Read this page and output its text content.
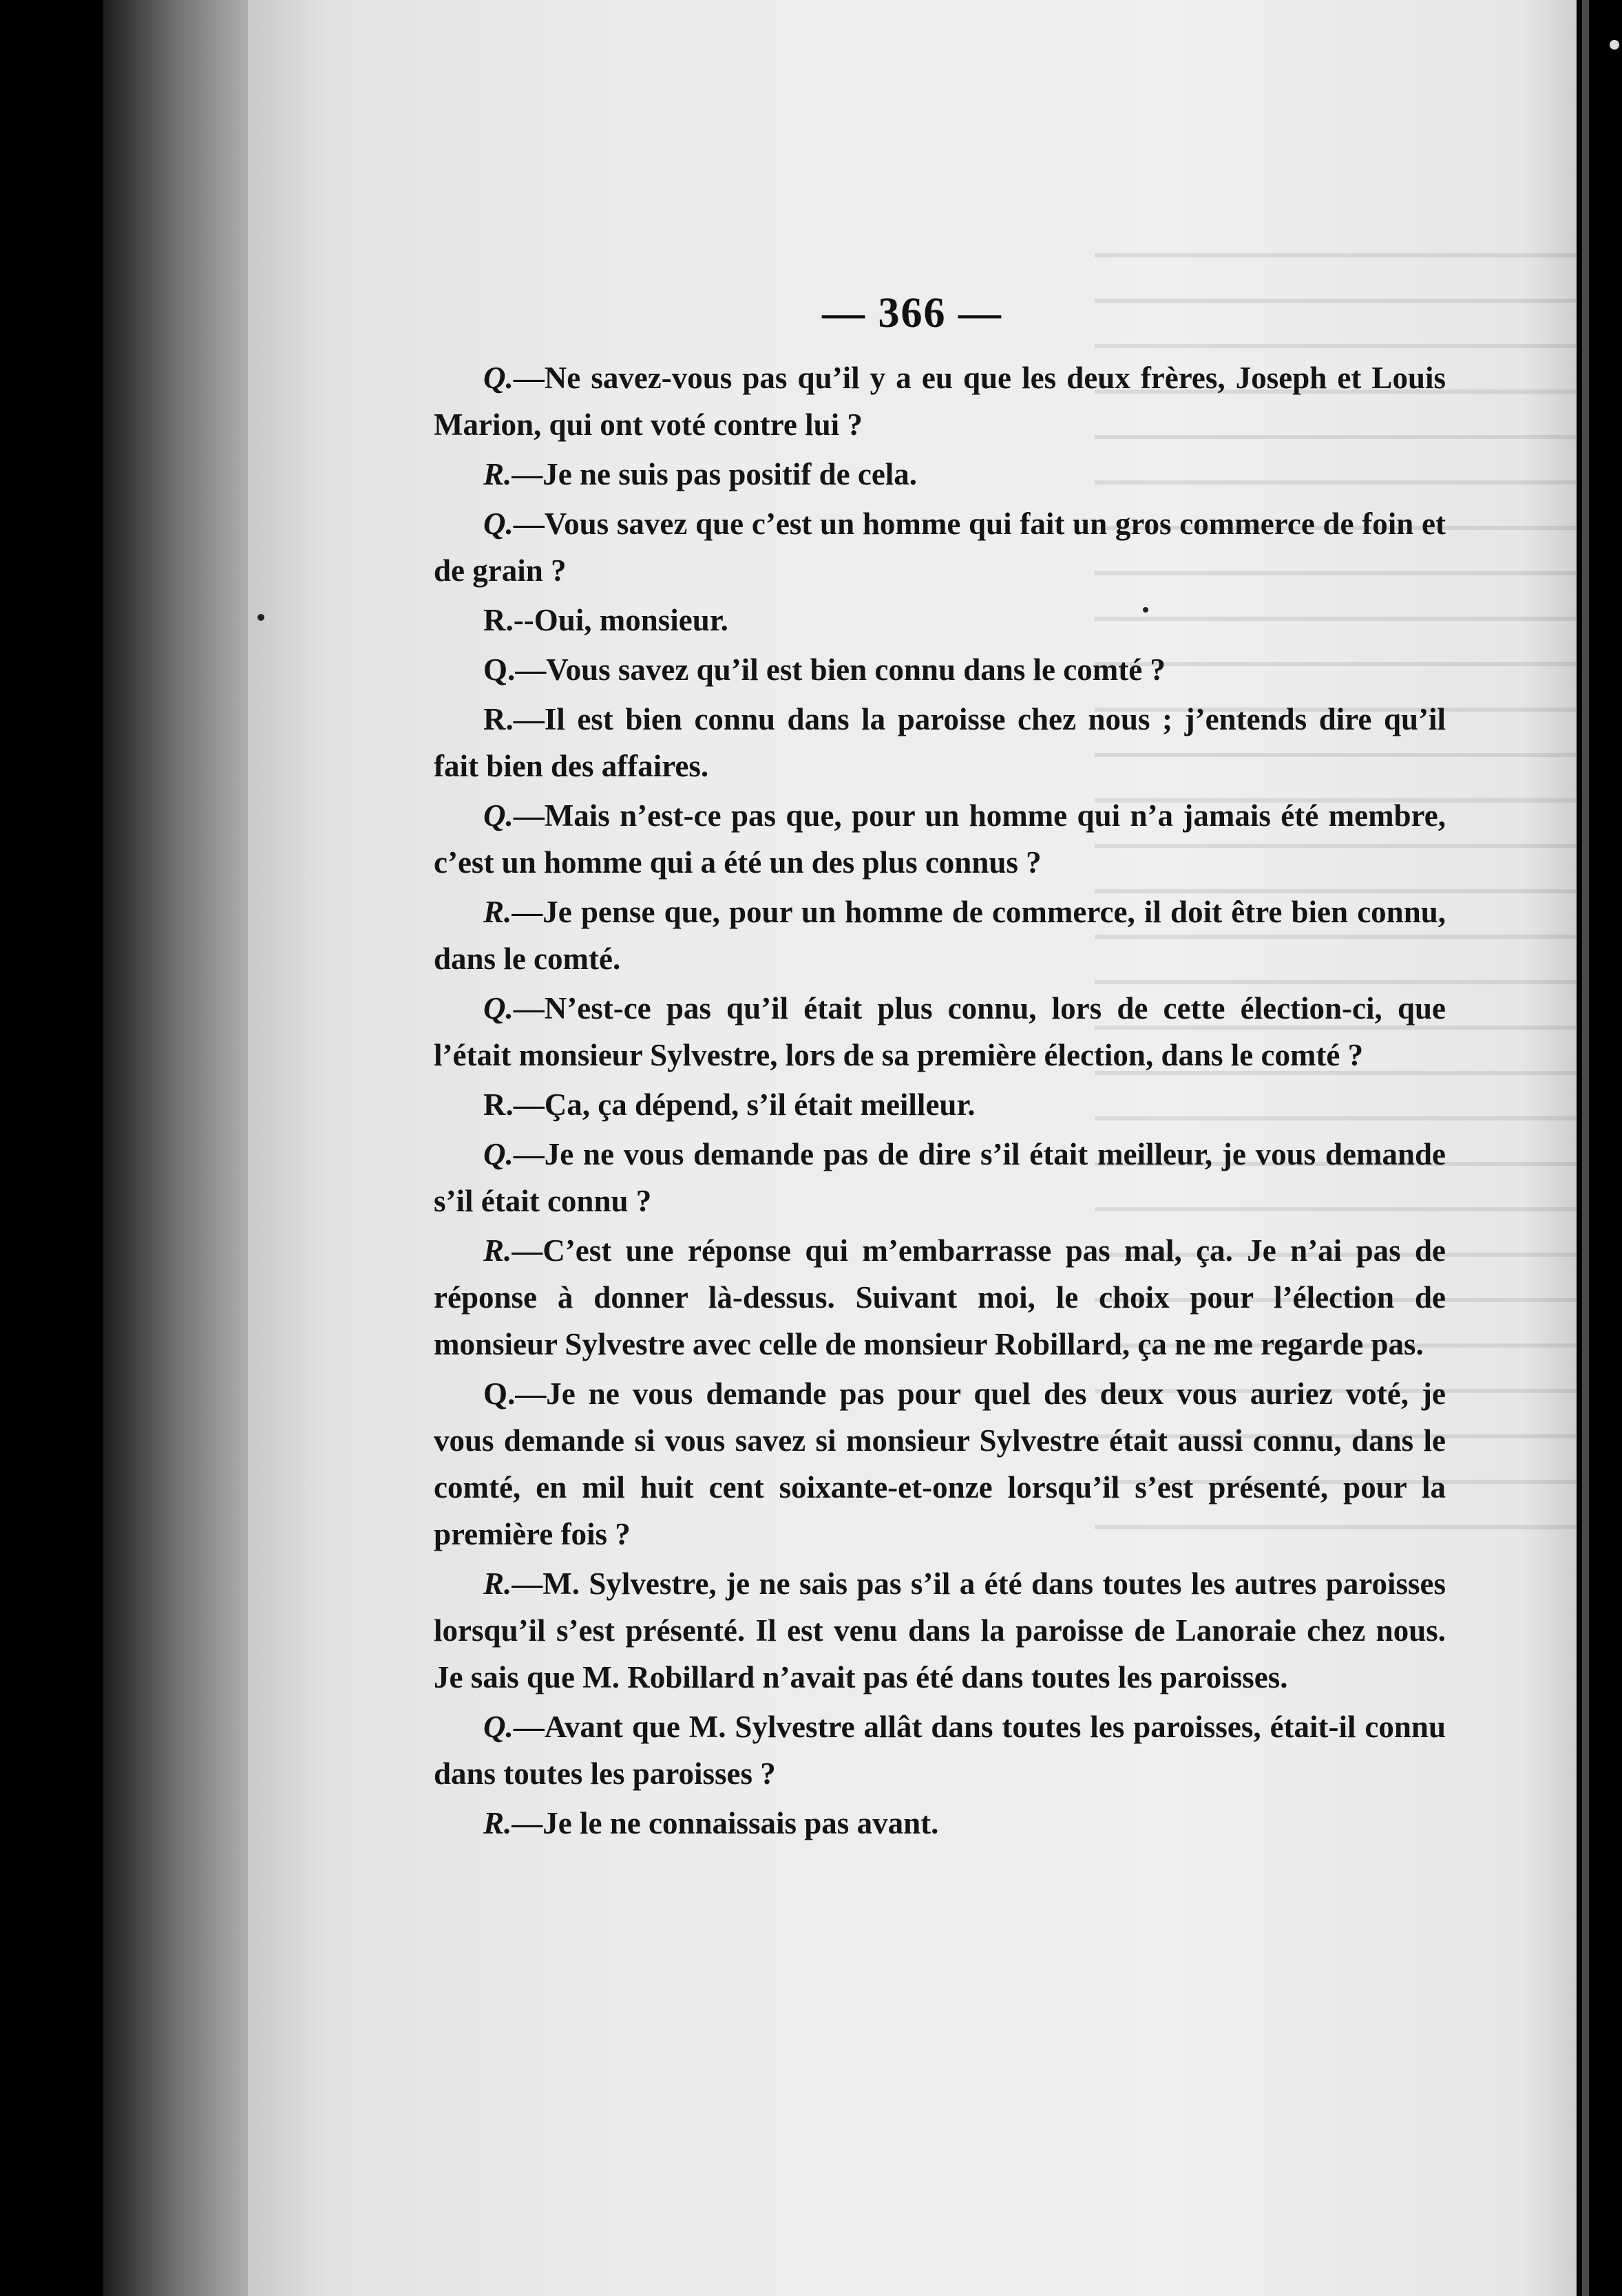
— 366 —

Q.—Ne savez-vous pas qu’il y a eu que les deux frères, Joseph et Louis Marion, qui ont voté contre lui ?

R.—Je ne suis pas positif de cela.

Q.—Vous savez que c’est un homme qui fait un gros commerce de foin et de grain ?

R.--Oui, monsieur.

Q.—Vous savez qu’il est bien connu dans le comté ?

R.—Il est bien connu dans la paroisse chez nous ; j’entends dire qu’il fait bien des affaires.

Q.—Mais n’est-ce pas que, pour un homme qui n’a jamais été membre, c’est un homme qui a été un des plus connus ?

R.—Je pense que, pour un homme de commerce, il doit être bien connu, dans le comté.

Q.—N’est-ce pas qu’il était plus connu, lors de cette élection-ci, que l’était monsieur Sylvestre, lors de sa première élection, dans le comté ?

R.—Ça, ça dépend, s’il était meilleur.

Q.—Je ne vous demande pas de dire s’il était meilleur, je vous demande s’il était connu ?

R.—C’est une réponse qui m’embarrasse pas mal, ça. Je n’ai pas de réponse à donner là-dessus. Suivant moi, le choix pour l’élection de monsieur Sylvestre avec celle de monsieur Robillard, ça ne me regarde pas.

Q.—Je ne vous demande pas pour quel des deux vous auriez voté, je vous demande si vous savez si monsieur Sylvestre était aussi connu, dans le comté, en mil huit cent soixante-et-onze lorsqu’il s’est présenté, pour la première fois ?

R.—M. Sylvestre, je ne sais pas s’il a été dans toutes les autres paroisses lorsqu’il s’est présenté. Il est venu dans la paroisse de Lanoraie chez nous. Je sais que M. Robillard n’avait pas été dans toutes les paroisses.

Q.—Avant que M. Sylvestre allât dans toutes les paroisses, était-il connu dans toutes les paroisses ?

R.—Je le ne connaissais pas avant.
